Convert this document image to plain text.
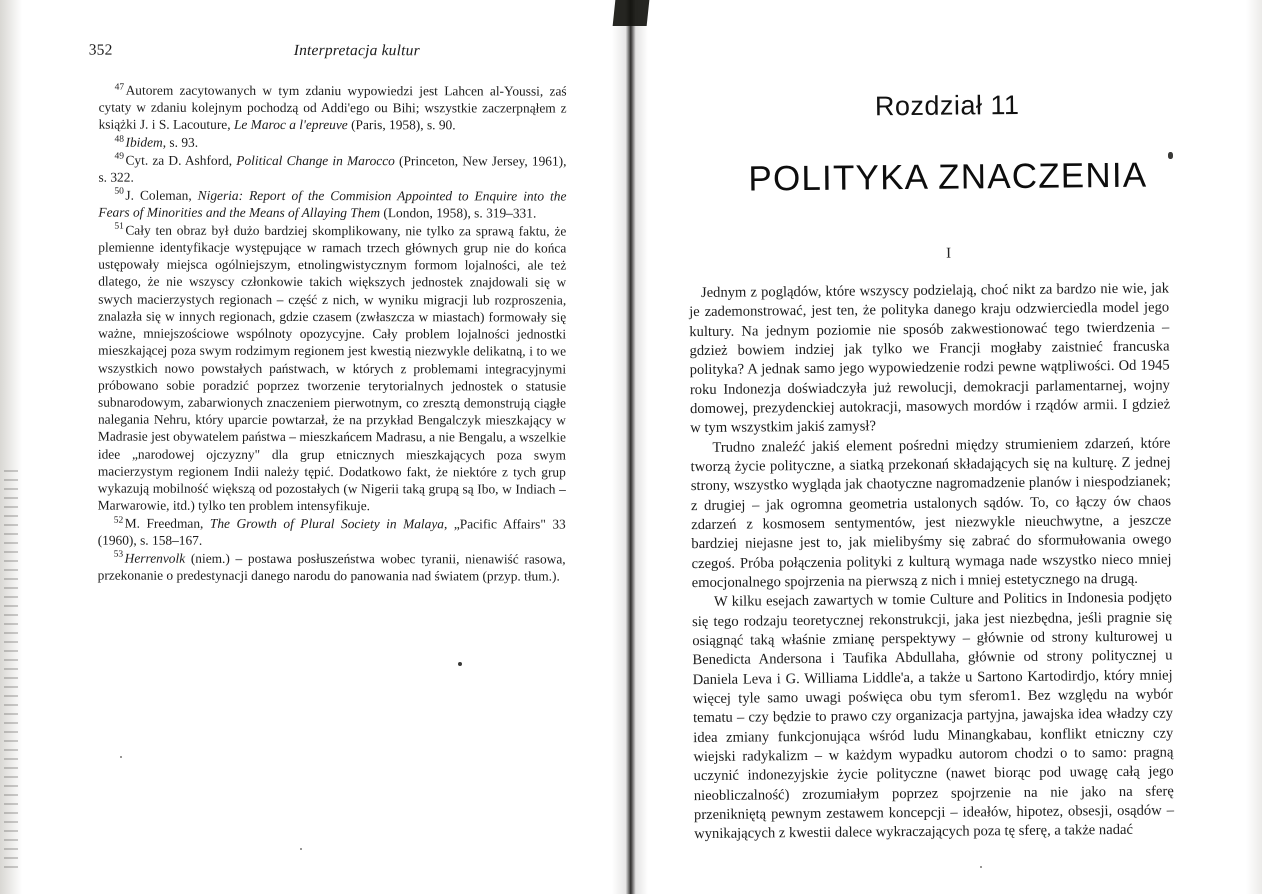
352	Interpretacja kultur

$^{47}$Autorem zacytowanych w tym zdaniu wypowiedzi jest Lahcen al-Youssi, zaś cytaty w zdaniu kolejnym pochodzą od Addi'ego ou Bihi; wszystkie zaczerpnąłem z książki J. i S. Lacouture, Le Maroc a l'epreuve (Paris, 1958), s. 90.

$^{48}$Ibidem, s. 93.

$^{49}$Cyt. za D. Ashford, Political Change in Marocco (Princeton, New Jersey, 1961), s. 322.

$^{50}$J. Coleman, Nigeria: Report of the Commision Appointed to Enquire into the Fears of Minorities and the Means of Allaying Them (London, 1958), s. 319–331.

$^{51}$Cały ten obraz był dużo bardziej skomplikowany, nie tylko za sprawą faktu, że plemienne identyfikacje występujące w ramach trzech głównych grup nie do końca ustępowały miejsca ogólniejszym, etnolingwistycznym formom lojalności, ale też dlatego, że nie wszyscy członkowie takich większych jednostek znajdowali się w swych macierzystych regionach – część z nich, w wyniku migracji lub rozproszenia, znalazła się w innych regionach, gdzie czasem (zwłaszcza w miastach) formowały się ważne, mniejszościowe wspólnoty opozycyjne. Cały problem lojalności jednostki mieszkającej poza swym rodzimym regionem jest kwestią niezwykle delikatną, i to we wszystkich nowo powstałych państwach, w których z problemami integracyjnymi próbowano sobie poradzić poprzez tworzenie terytorialnych jednostek o statusie subnarodowym, zabarwionych znaczeniem pierwotnym, co zresztą demonstrują ciągłe nalegania Nehru, który uparcie powtarzał, że na przykład Bengalczyk mieszkający w Madrasie jest obywatelem państwa – mieszkańcem Madrasu, a nie Bengalu, a wszelkie idee „narodowej ojczyzny" dla grup etnicznych mieszkających poza swym macierzystym regionem Indii należy tępić. Dodatkowo fakt, że niektóre z tych grup wykazują mobilność większą od pozostałych (w Nigerii taką grupą są Ibo, w Indiach – Marwarowie, itd.) tylko ten problem intensyfikuje.

$^{52}$M. Freedman, The Growth of Plural Society in Malaya, „Pacific Affairs" 33 (1960), s. 158–167.

$^{53}$Herrenvolk (niem.) – postawa posłuszeństwa wobec tyranii, nienawiść rasowa, przekonanie o predestynacji danego narodu do panowania nad światem (przyp. tłum.).

Rozdział 11
POLITYKA ZNACZENIA
I

Jednym z poglądów, które wszyscy podzielają, choć nikt za bardzo nie wie, jak je zademonstrować, jest ten, że polityka danego kraju odzwierciedla model jego kultury. Na jednym poziomie nie sposób zakwestionować tego twierdzenia – gdzież bowiem indziej jak tylko we Francji mogłaby zaistnieć francuska polityka? A jednak samo jego wypowiedzenie rodzi pewne wątpliwości. Od 1945 roku Indonezja doświadczyła już rewolucji, demokracji parlamentarnej, wojny domowej, prezydenckiej autokracji, masowych mordów i rządów armii. I gdzież w tym wszystkim jakiś zamysł?

Trudno znaleźć jakiś element pośredni między strumieniem zdarzeń, które tworzą życie polityczne, a siatką przekonań składających się na kulturę. Z jednej strony, wszystko wygląda jak chaotyczne nagromadzenie planów i niespodzianek; z drugiej – jak ogromna geometria ustalonych sądów. To, co łączy ów chaos zdarzeń z kosmosem sentymentów, jest niezwykle nieuchwytne, a jeszcze bardziej niejasne jest to, jak mielibyśmy się zabrać do sformułowania owego czegoś. Próba połączenia polityki z kulturą wymaga nade wszystko nieco mniej emocjonalnego spojrzenia na pierwszą z nich i mniej estetycznego na drugą.

W kilku esejach zawartych w tomie Culture and Politics in Indonesia podjęto się tego rodzaju teoretycznej rekonstrukcji, jaka jest niezbędna, jeśli pragnie się osiągnąć taką właśnie zmianę perspektywy – głównie od strony kulturowej u Benedicta Andersona i Taufika Abdullaha, głównie od strony politycznej u Daniela Leva i G. Williama Liddle'a, a także u Sartono Kartodirdjo, który mniej więcej tyle samo uwagi poświęca obu tym sferom1. Bez względu na wybór tematu – czy będzie to prawo czy organizacja partyjna, jawajska idea władzy czy idea zmiany funkcjonująca wśród ludu Minangkabau, konflikt etniczny czy wiejski radykalizm – w każdym wypadku autorom chodzi o to samo: pragną uczynić indonezyjskie życie polityczne (nawet biorąc pod uwagę całą jego nieobliczalność) zrozumiałym poprzez spojrzenie na nie jako na sferę przenikniętą pewnym zestawem koncepcji – ideałów, hipotez, obsesji, osądów – wynikających z kwestii dalece wykraczających poza tę sferę, a także nadać
